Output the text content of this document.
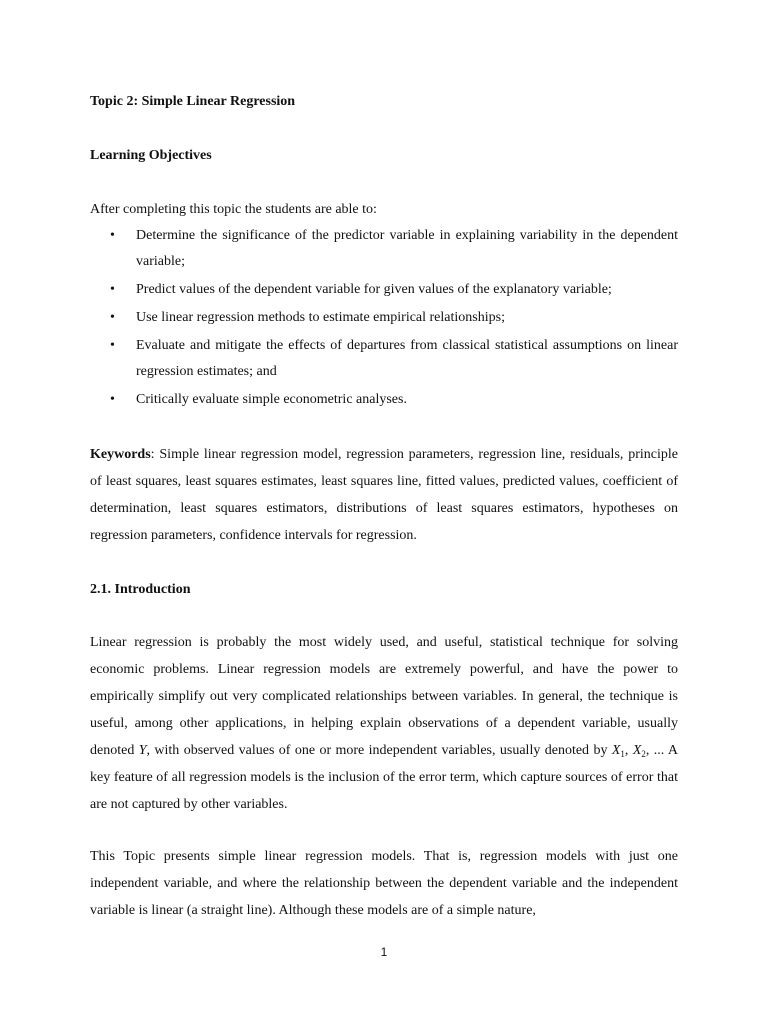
Topic 2: Simple Linear Regression
Learning Objectives
After completing this topic the students are able to:
• Determine the significance of the predictor variable in explaining variability in the dependent variable;
• Predict values of the dependent variable for given values of the explanatory variable;
• Use linear regression methods to estimate empirical relationships;
• Evaluate and mitigate the effects of departures from classical statistical assumptions on linear regression estimates; and
• Critically evaluate simple econometric analyses.

Keywords: Simple linear regression model, regression parameters, regression line, residuals, principle of least squares, least squares estimates, least squares line, fitted values, predicted values, coefficient of determination, least squares estimators, distributions of least squares estimators, hypotheses on regression parameters, confidence intervals for regression.

2.1. Introduction

Linear regression is probably the most widely used, and useful, statistical technique for solving economic problems. Linear regression models are extremely powerful, and have the power to empirically simplify out very complicated relationships between variables. In general, the technique is useful, among other applications, in helping explain observations of a dependent variable, usually denoted Y, with observed values of one or more independent variables, usually denoted by $X_1$, $X_2$, ... A key feature of all regression models is the inclusion of the error term, which capture sources of error that are not captured by other variables.

This Topic presents simple linear regression models. That is, regression models with just one independent variable, and where the relationship between the dependent variable and the independent variable is linear (a straight line). Although these models are of a simple nature,

1
